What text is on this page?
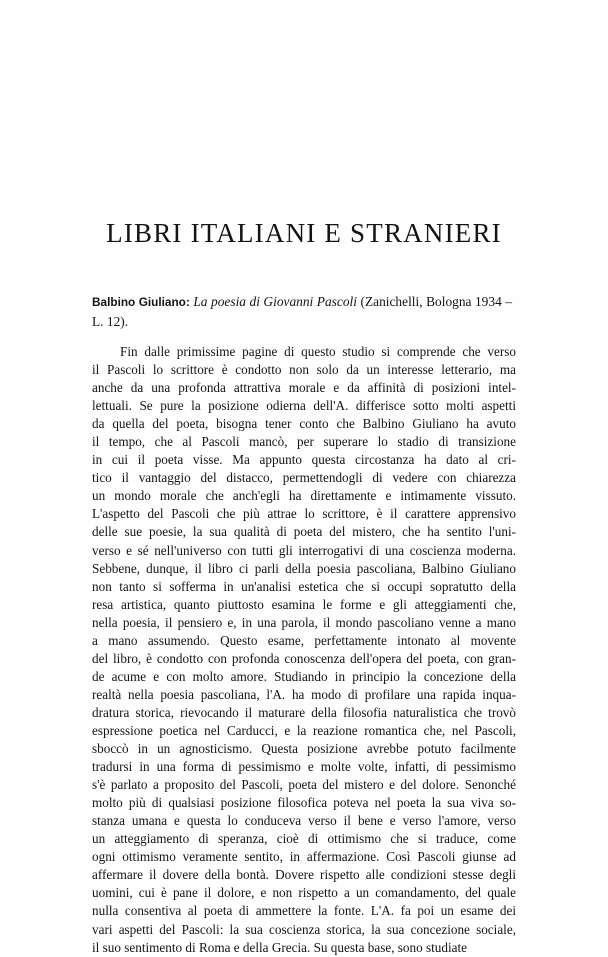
LIBRI ITALIANI E STRANIERI

Balbino Giuliano: La poesia di Giovanni Pascoli (Zanichelli, Bologna 1934 – L. 12).

Fin dalle primissime pagine di questo studio si comprende che verso
il Pascoli lo scrittore è condotto non solo da un interesse letterario, ma
anche da una profonda attrattiva morale e da affinità di posizioni intel-
lettuali. Se pure la posizione odierna dell'A. differisce sotto molti aspetti
da quella del poeta, bisogna tener conto che Balbino Giuliano ha avuto
il tempo, che al Pascoli mancò, per superare lo stadio di transizione
in cui il poeta visse. Ma appunto questa circostanza ha dato al cri-
tico il vantaggio del distacco, permettendogli di vedere con chiarezza
un mondo morale che anch'egli ha direttamente e intimamente vissuto.
L'aspetto del Pascoli che più attrae lo scrittore, è il carattere apprensivo
delle sue poesie, la sua qualità di poeta del mistero, che ha sentito l'uni-
verso e sé nell'universo con tutti gli interrogativi di una coscienza moderna.
Sebbene, dunque, il libro ci parli della poesia pascoliana, Balbino Giuliano
non tanto si sofferma in un'analisi estetica che si occupi sopratutto della
resa artistica, quanto piuttosto esamina le forme e gli atteggiamenti che,
nella poesia, il pensiero e, in una parola, il mondo pascoliano venne a mano
a mano assumendo. Questo esame, perfettamente intonato al movente
del libro, è condotto con profonda conoscenza dell'opera del poeta, con gran-
de acume e con molto amore. Studiando in principio la concezione della
realtà nella poesia pascoliana, l'A. ha modo di profilare una rapida inqua-
dratura storica, rievocando il maturare della filosofia naturalistica che trovò
espressione poetica nel Carducci, e la reazione romantica che, nel Pascoli,
sboccò in un agnosticismo. Questa posizione avrebbe potuto facilmente
tradursi in una forma di pessimismo e molte volte, infatti, di pessimismo
s'è parlato a proposito del Pascoli, poeta del mistero e del dolore. Senonché
molto più di qualsiasi posizione filosofica poteva nel poeta la sua viva so-
stanza umana e questa lo conduceva verso il bene e verso l'amore, verso
un atteggiamento di speranza, cioè di ottimismo che si traduce, come
ogni ottimismo veramente sentito, in affermazione. Così Pascoli giunse ad
affermare il dovere della bontà. Dovere rispetto alle condizioni stesse degli
uomini, cui è pane il dolore, e non rispetto a un comandamento, del quale
nulla consentiva al poeta di ammettere la fonte. L'A. fa poi un esame dei
vari aspetti del Pascoli: la sua coscienza storica, la sua concezione sociale,
il suo sentimento di Roma e della Grecia. Su questa base, sono studiate
